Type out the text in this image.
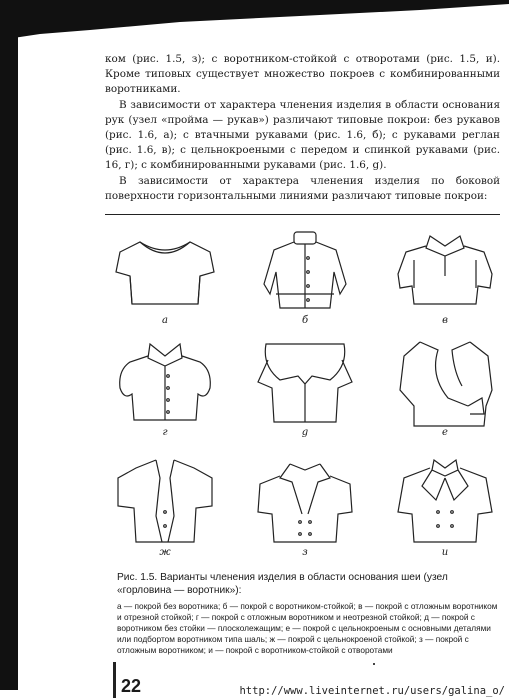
ком (рис. 1.5, з); с воротником-стойкой с отворотами (рис. 1.5, и). Кроме типовых существует множество покроев с комбинированными воротниками.

В зависимости от характера членения изделия в области основания рук (узел «пройма — рукав») различают типовые покрои: без рукавов (рис. 1.6, а); с втачными рукавами (рис. 1.6, б); с рукавами реглан (рис. 1.6, в); с цельнокроеными с передом и спинкой рукавами (рис. 16, г); с комбинированными рукавами (рис. 1.6, g).

В зависимости от характера членения изделия по боковой поверхности горизонтальными линиями различают типовые покрои:

а	б	в
г	g	е
ж	з	и

Рис. 1.5. Варианты членения изделия в области основания шеи (узел «горловина — воротник»):

а — покрой без воротника; б — покрой с воротником-стойкой; в — покрой с отложным воротником и отрезной стойкой; г — покрой с отложным воротником и неотрезной стойкой; д — покрой с воротником без стойки — плосколежащим; е — покрой с цельнокроеным с основными деталями или подбортом воротником типа шаль; ж — покрой с цельнокроеной стойкой; з — покрой с отложным воротником; и — покрой с воротником-стойкой с отворотами

22	http://www.liveinternet.ru/users/galina_o/
